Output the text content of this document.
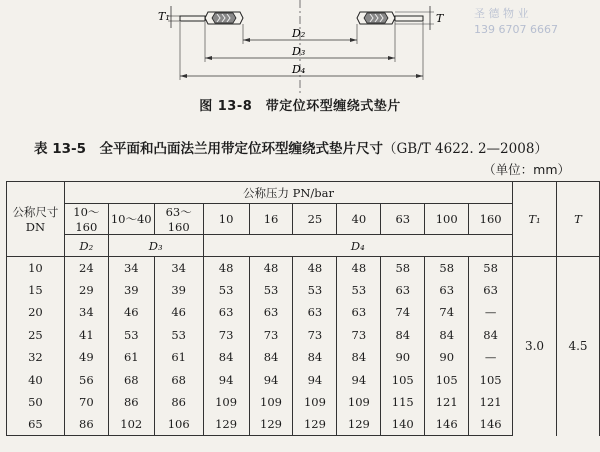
T₁	T
D₂
D₃
D₄
图 13-8　带定位环型缠绕式垫片
圣 德 物 业
139 6707 6667
表 13-5　全平面和凸面法兰用带定位环型缠绕式垫片尺寸（GB/T 4622. 2—2008）
（单位：mm）
公称尺寸
DN	公称压力 PN/bar										T₁	T
	10～160	10～40	63～160	10	16	25	40	63	100	160		
	D₂	D₃		D₄								
10	24	34	34	48	48	48	48	58	58	58	3.0	4.5
15	29	39	39	53	53	53	53	63	63	63		
20	34	46	46	63	63	63	63	74	74	—		
25	41	53	53	73	73	73	73	84	84	84		
32	49	61	61	84	84	84	84	90	90	—		
40	56	68	68	94	94	94	94	105	105	105		
50	70	86	86	109	109	109	109	115	121	121		
65	86	102	106	129	129	129	129	140	146	146		
